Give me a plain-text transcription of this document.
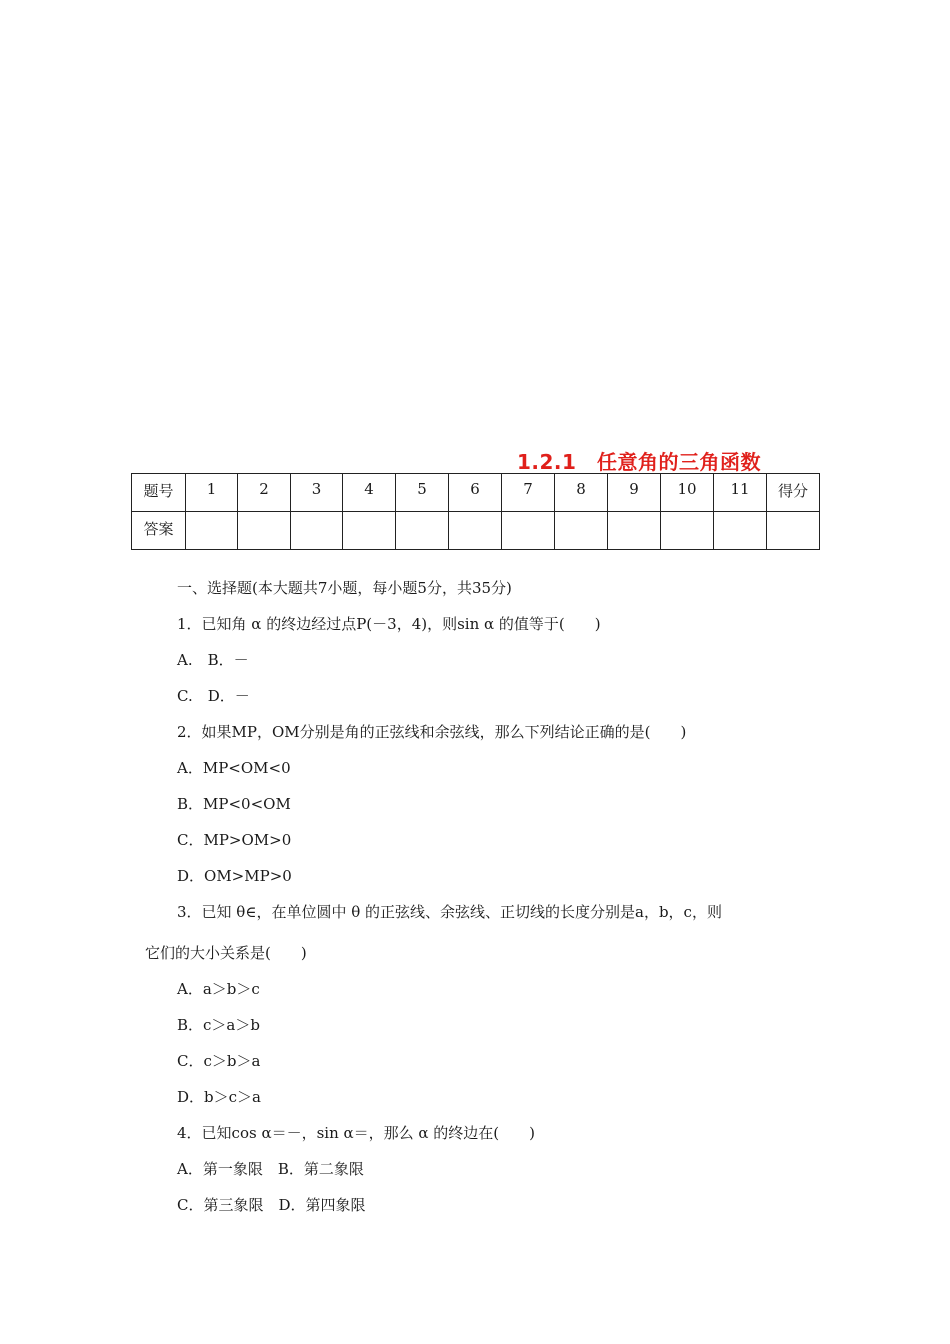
1.2.1　任意角的三角函数
题号	1	2	3	4	5	6	7	8	9	10	11	得分
答案												
一、选择题(本大题共7小题，每小题5分，共35分)
1．已知角 α 的终边经过点P(－3，4)，则sin α 的值等于(　　)
A.　B．－
C.　D．－
2．如果MP，OM分别是角的正弦线和余弦线，那么下列结论正确的是(　　)
A．MP<OM<0
B．MP<0<OM
C．MP>OM>0
D．OM>MP>0
3．已知 θ∈，在单位圆中 θ 的正弦线、余弦线、正切线的长度分别是a，b，c，则
它们的大小关系是(　　)
A．a＞b＞c
B．c＞a＞b
C．c＞b＞a
D．b＞c＞a
4．已知cos α＝－，sin α＝，那么 α 的终边在(　　)
A．第一象限　B．第二象限
C．第三象限　D．第四象限
